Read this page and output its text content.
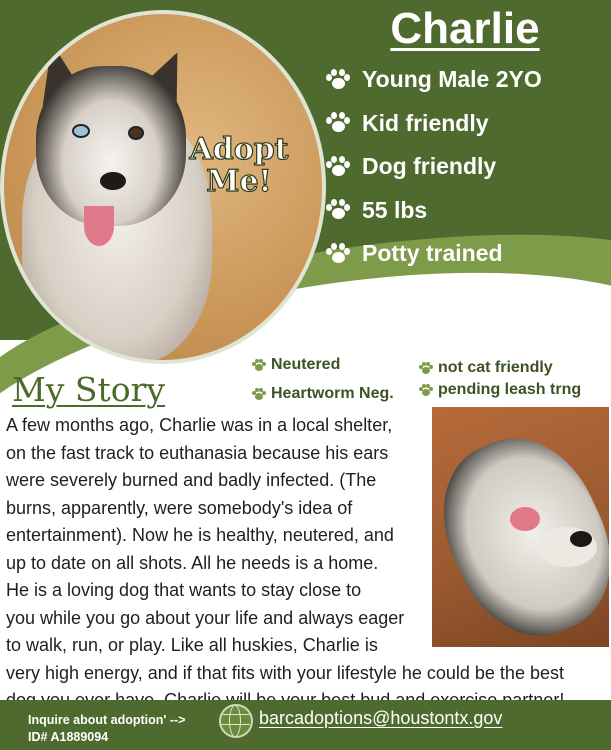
Adopt Me!
Charlie
Young Male 2YO
Kid friendly
Dog friendly
55 lbs
Potty trained
Up to date on shots
Neutered
Heartworm Neg.
not cat friendly
pending leash trng
My Story

A few months ago, Charlie was in a local shelter,
on the fast track to euthanasia because his ears
were severely burned and badly infected. (The
burns, apparently, were somebody's idea of
entertainment). Now he is healthy, neutered, and
up to date on all shots. All he needs is a home.
He is a loving dog that wants to stay close to
you while you go about your life and always eager
to walk, run, or play. Like all huskies, Charlie is
very high energy, and if that fits with your lifestyle he could be the best

Inquire about adoption' -->
ID# A1889094
barcadoptions@houstontx.gov
